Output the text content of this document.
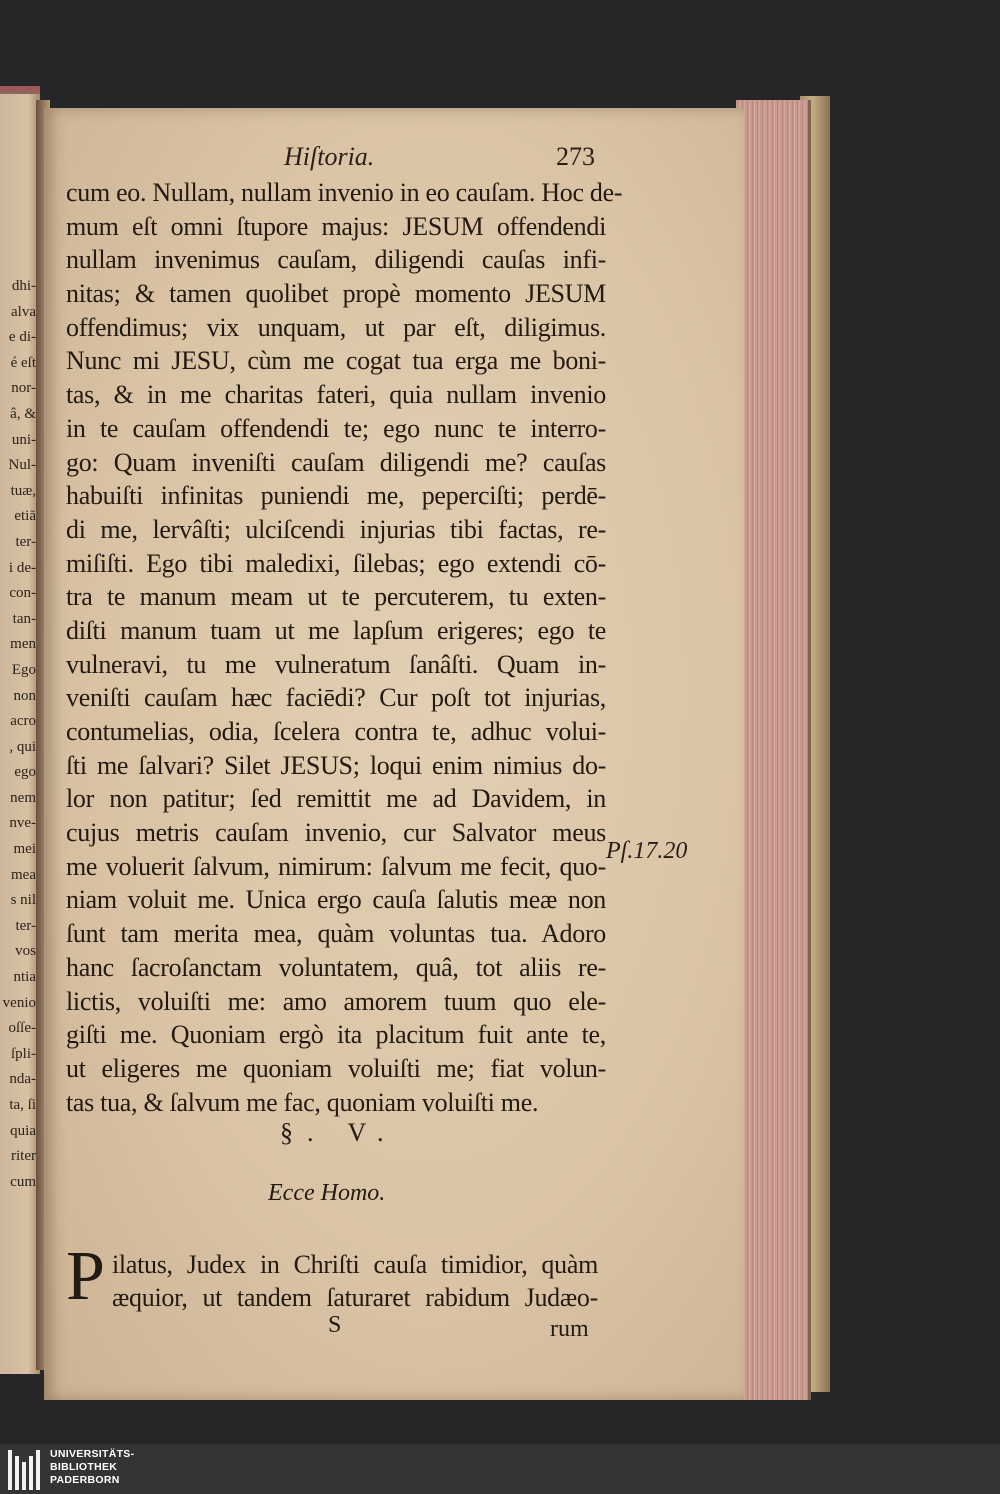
dhi-
alva
e di-
é eſt
nor-
â, &
uni-
Nul-
tuæ,
etiā
ter-
i de-
con-
tan-
men
Ego
non
acro
, qui
ego
nem
nve-
mei
mea
s nil
ter-
vos
ntia
venio
oſſe-
ſpli-
nda-
ta, ſi
quia
riter
cum
Hiſtoria.	273
cum eo. Nullam, nullam invenio in eo cauſam. Hoc de-
mum eſt omni ſtupore majus: JESUM offendendi
nullam invenimus cauſam, diligendi cauſas infi-
nitas; & tamen quolibet propè momento JESUM
offendimus; vix unquam, ut par eſt, diligimus.
Nunc mi JESU, cùm me cogat tua erga me boni-
tas, & in me charitas fateri, quia nullam invenio
in te cauſam offendendi te; ego nunc te interro-
go: Quam inveniſti cauſam diligendi me? cauſas
habuiſti infinitas puniendi me, peperciſti; perdē-
di me, lervâſti; ulciſcendi injurias tibi factas, re-
miſiſti. Ego tibi maledixi, ſilebas; ego extendi cō-
tra te manum meam ut te percuterem, tu exten-
diſti manum tuam ut me lapſum erigeres; ego te
vulneravi, tu me vulneratum ſanâſti. Quam in-
veniſti cauſam hæc faciēdi? Cur poſt tot injurias,
contumelias, odia, ſcelera contra te, adhuc volui-
ſti me ſalvari? Silet JESUS; loqui enim nimius do-
lor non patitur; ſed remittit me ad Davidem, in
cujus metris cauſam invenio, cur Salvator meus
me voluerit ſalvum, nimirum: ſalvum me fecit, quo-
niam voluit me. Unica ergo cauſa ſalutis meæ non
ſunt tam merita mea, quàm voluntas tua. Adoro
hanc ſacroſanctam voluntatem, quâ, tot aliis re-
lictis, voluiſti me: amo amorem tuum quo ele-
giſti me. Quoniam ergò ita placitum fuit ante te,
ut eligeres me quoniam voluiſti me; fiat volun-
tas tua, & ſalvum me fac, quoniam voluiſti me.
Pſ.17.20
§. V.
Ecce Homo.
P ilatus, Judex in Chriſti cauſa timidior, quàm
æquior, ut tandem ſaturaret rabidum Judæo-
S	rum
UNIVERSITÄTS-
BIBLIOTHEK
PADERBORN
